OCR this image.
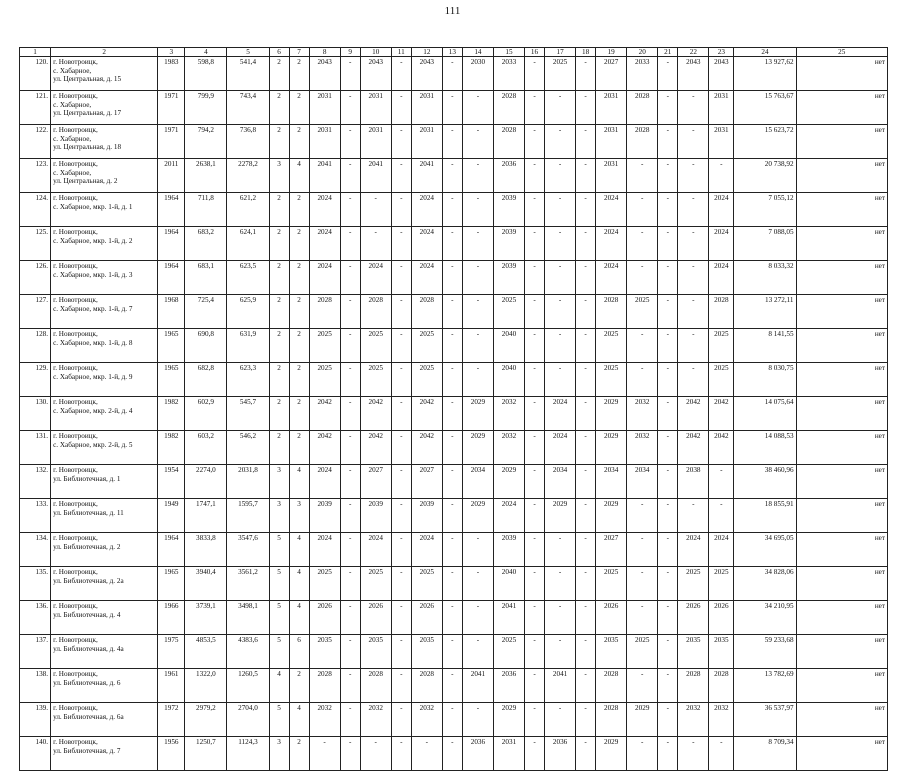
111
1	2	3	4	5	6	7	8	9	10	11	12	13	14	15	16	17	18	19	20	21	22	23	24	25
120.	г. Новотроицк,
с. Хабарное,
ул. Центральная, д. 15	1983	598,8	541,4	2	2	2043	-	2043	-	2043	-	2030	2033	-	2025	-	2027	2033	-	2043	2043	13 927,62	нет
121.	г. Новотроицк,
с. Хабарное,
ул. Центральная, д. 17	1971	799,9	743,4	2	2	2031	-	2031	-	2031	-	-	2028	-	-	-	2031	2028	-	-	2031	15 763,67	нет
122.	г. Новотроицк,
с. Хабарное,
ул. Центральная, д. 18	1971	794,2	736,8	2	2	2031	-	2031	-	2031	-	-	2028	-	-	-	2031	2028	-	-	2031	15 623,72	нет
123.	г. Новотроицк,
с. Хабарное,
ул. Центральная, д. 2	2011	2638,1	2278,2	3	4	2041	-	2041	-	2041	-	-	2036	-	-	-	2031	-	-	-	-	20 738,92	нет
124.	г. Новотроицк,
с. Хабарное, мкр. 1-й, д. 1	1964	711,8	621,2	2	2	2024	-	-	-	2024	-	-	2039	-	-	-	2024	-	-	-	2024	7 055,12	нет
125.	г. Новотроицк,
с. Хабарное, мкр. 1-й, д. 2	1964	683,2	624,1	2	2	2024	-	-	-	2024	-	-	2039	-	-	-	2024	-	-	-	2024	7 088,05	нет
126.	г. Новотроицк,
с. Хабарное, мкр. 1-й, д. 3	1964	683,1	623,5	2	2	2024	-	2024	-	2024	-	-	2039	-	-	-	2024	-	-	-	2024	8 033,32	нет
127.	г. Новотроицк,
с. Хабарное, мкр. 1-й, д. 7	1968	725,4	625,9	2	2	2028	-	2028	-	2028	-	-	2025	-	-	-	2028	2025	-	-	2028	13 272,11	нет
128.	г. Новотроицк,
с. Хабарное, мкр. 1-й, д. 8	1965	690,8	631,9	2	2	2025	-	2025	-	2025	-	-	2040	-	-	-	2025	-	-	-	2025	8 141,55	нет
129.	г. Новотроицк,
с. Хабарное, мкр. 1-й, д. 9	1965	682,8	623,3	2	2	2025	-	2025	-	2025	-	-	2040	-	-	-	2025	-	-	-	2025	8 030,75	нет
130.	г. Новотроицк,
с. Хабарное, мкр. 2-й, д. 4	1982	602,9	545,7	2	2	2042	-	2042	-	2042	-	2029	2032	-	2024	-	2029	2032	-	2042	2042	14 075,64	нет
131.	г. Новотроицк,
с. Хабарное, мкр. 2-й, д. 5	1982	603,2	546,2	2	2	2042	-	2042	-	2042	-	2029	2032	-	2024	-	2029	2032	-	2042	2042	14 088,53	нет
132.	г. Новотроицк,
ул. Библиотечная, д. 1	1954	2274,0	2031,8	3	4	2024	-	2027	-	2027	-	2034	2029	-	2034	-	2034	2034	-	2038	-	38 460,96	нет
133.	г. Новотроицк,
ул. Библиотечная, д. 11	1949	1747,1	1595,7	3	3	2039	-	2039	-	2039	-	2029	2024	-	2029	-	2029	-	-	-	-	18 855,91	нет
134.	г. Новотроицк,
ул. Библиотечная, д. 2	1964	3833,8	3547,6	5	4	2024	-	2024	-	2024	-	-	2039	-	-	-	2027	-	-	2024	2024	34 695,05	нет
135.	г. Новотроицк,
ул. Библиотечная, д. 2а	1965	3940,4	3561,2	5	4	2025	-	2025	-	2025	-	-	2040	-	-	-	2025	-	-	2025	2025	34 828,06	нет
136.	г. Новотроицк,
ул. Библиотечная, д. 4	1966	3739,1	3498,1	5	4	2026	-	2026	-	2026	-	-	2041	-	-	-	2026	-	-	2026	2026	34 210,95	нет
137.	г. Новотроицк,
ул. Библиотечная, д. 4а	1975	4853,5	4383,6	5	6	2035	-	2035	-	2035	-	-	2025	-	-	-	2035	2025	-	2035	2035	59 233,68	нет
138.	г. Новотроицк,
ул. Библиотечная, д. 6	1961	1322,0	1260,5	4	2	2028	-	2028	-	2028	-	2041	2036	-	2041	-	2028	-	-	2028	2028	13 782,69	нет
139.	г. Новотроицк,
ул. Библиотечная, д. 6а	1972	2979,2	2704,0	5	4	2032	-	2032	-	2032	-	-	2029	-	-	-	2028	2029	-	2032	2032	36 537,97	нет
140.	г. Новотроицк,
ул. Библиотечная, д. 7	1956	1250,7	1124,3	3	2	-	-	-	-	-	-	2036	2031	-	2036	-	2029	-	-	-	-	8 709,34	нет
